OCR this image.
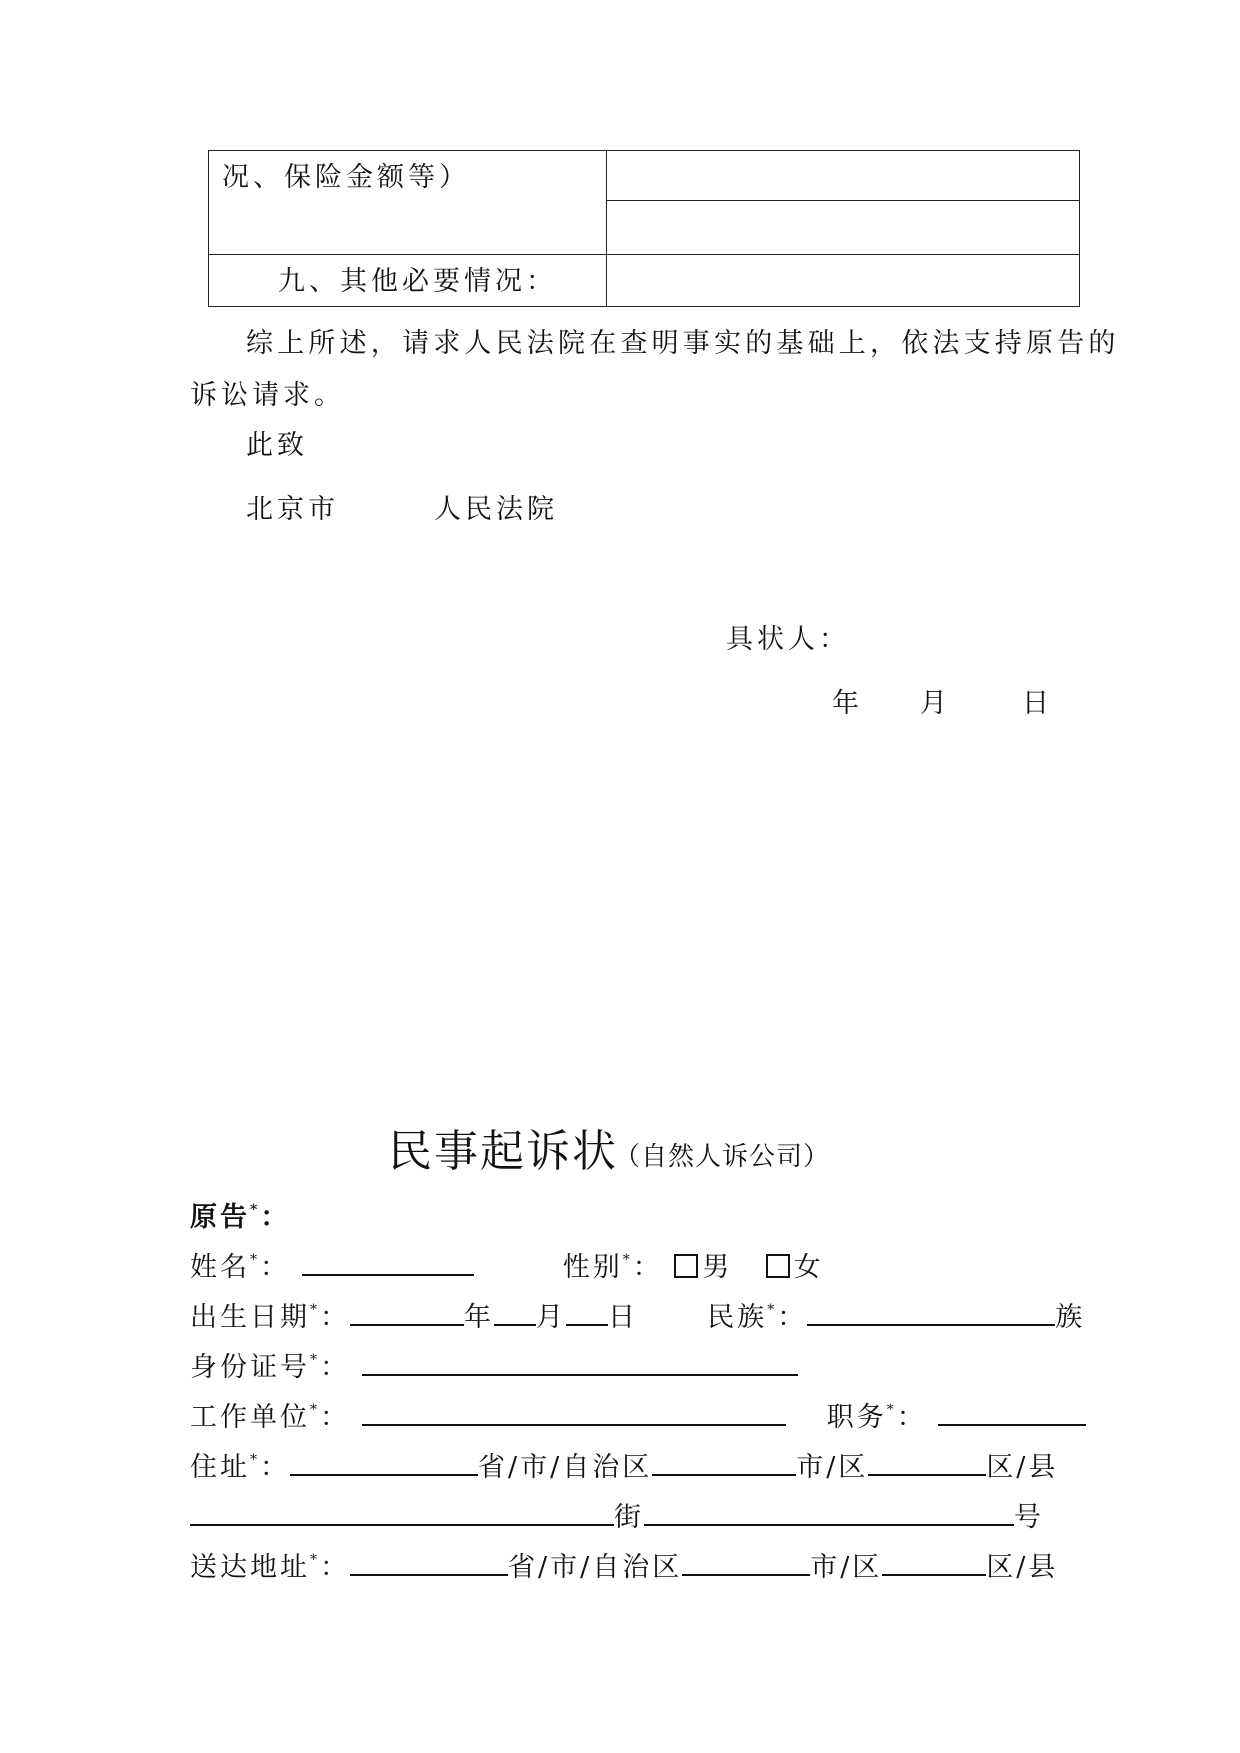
况、保险金额等）
九、其他必要情况：
综上所述，请求人民法院在查明事实的基础上，依法支持原告的
诉讼请求。
此致
北京市	人民法院
具状人：
年 月	日
民事起诉状
（自然人诉公司）
原告*：
姓名*：	性别*： 男 女
出生日期*：	年 月 日	民族*：	族
身份证号*：
工作单位*：	职务*：
住址*：	省/市/自治区	市/区	区/县
街	号
送达地址*：	省/市/自治区	市/区	区/县
